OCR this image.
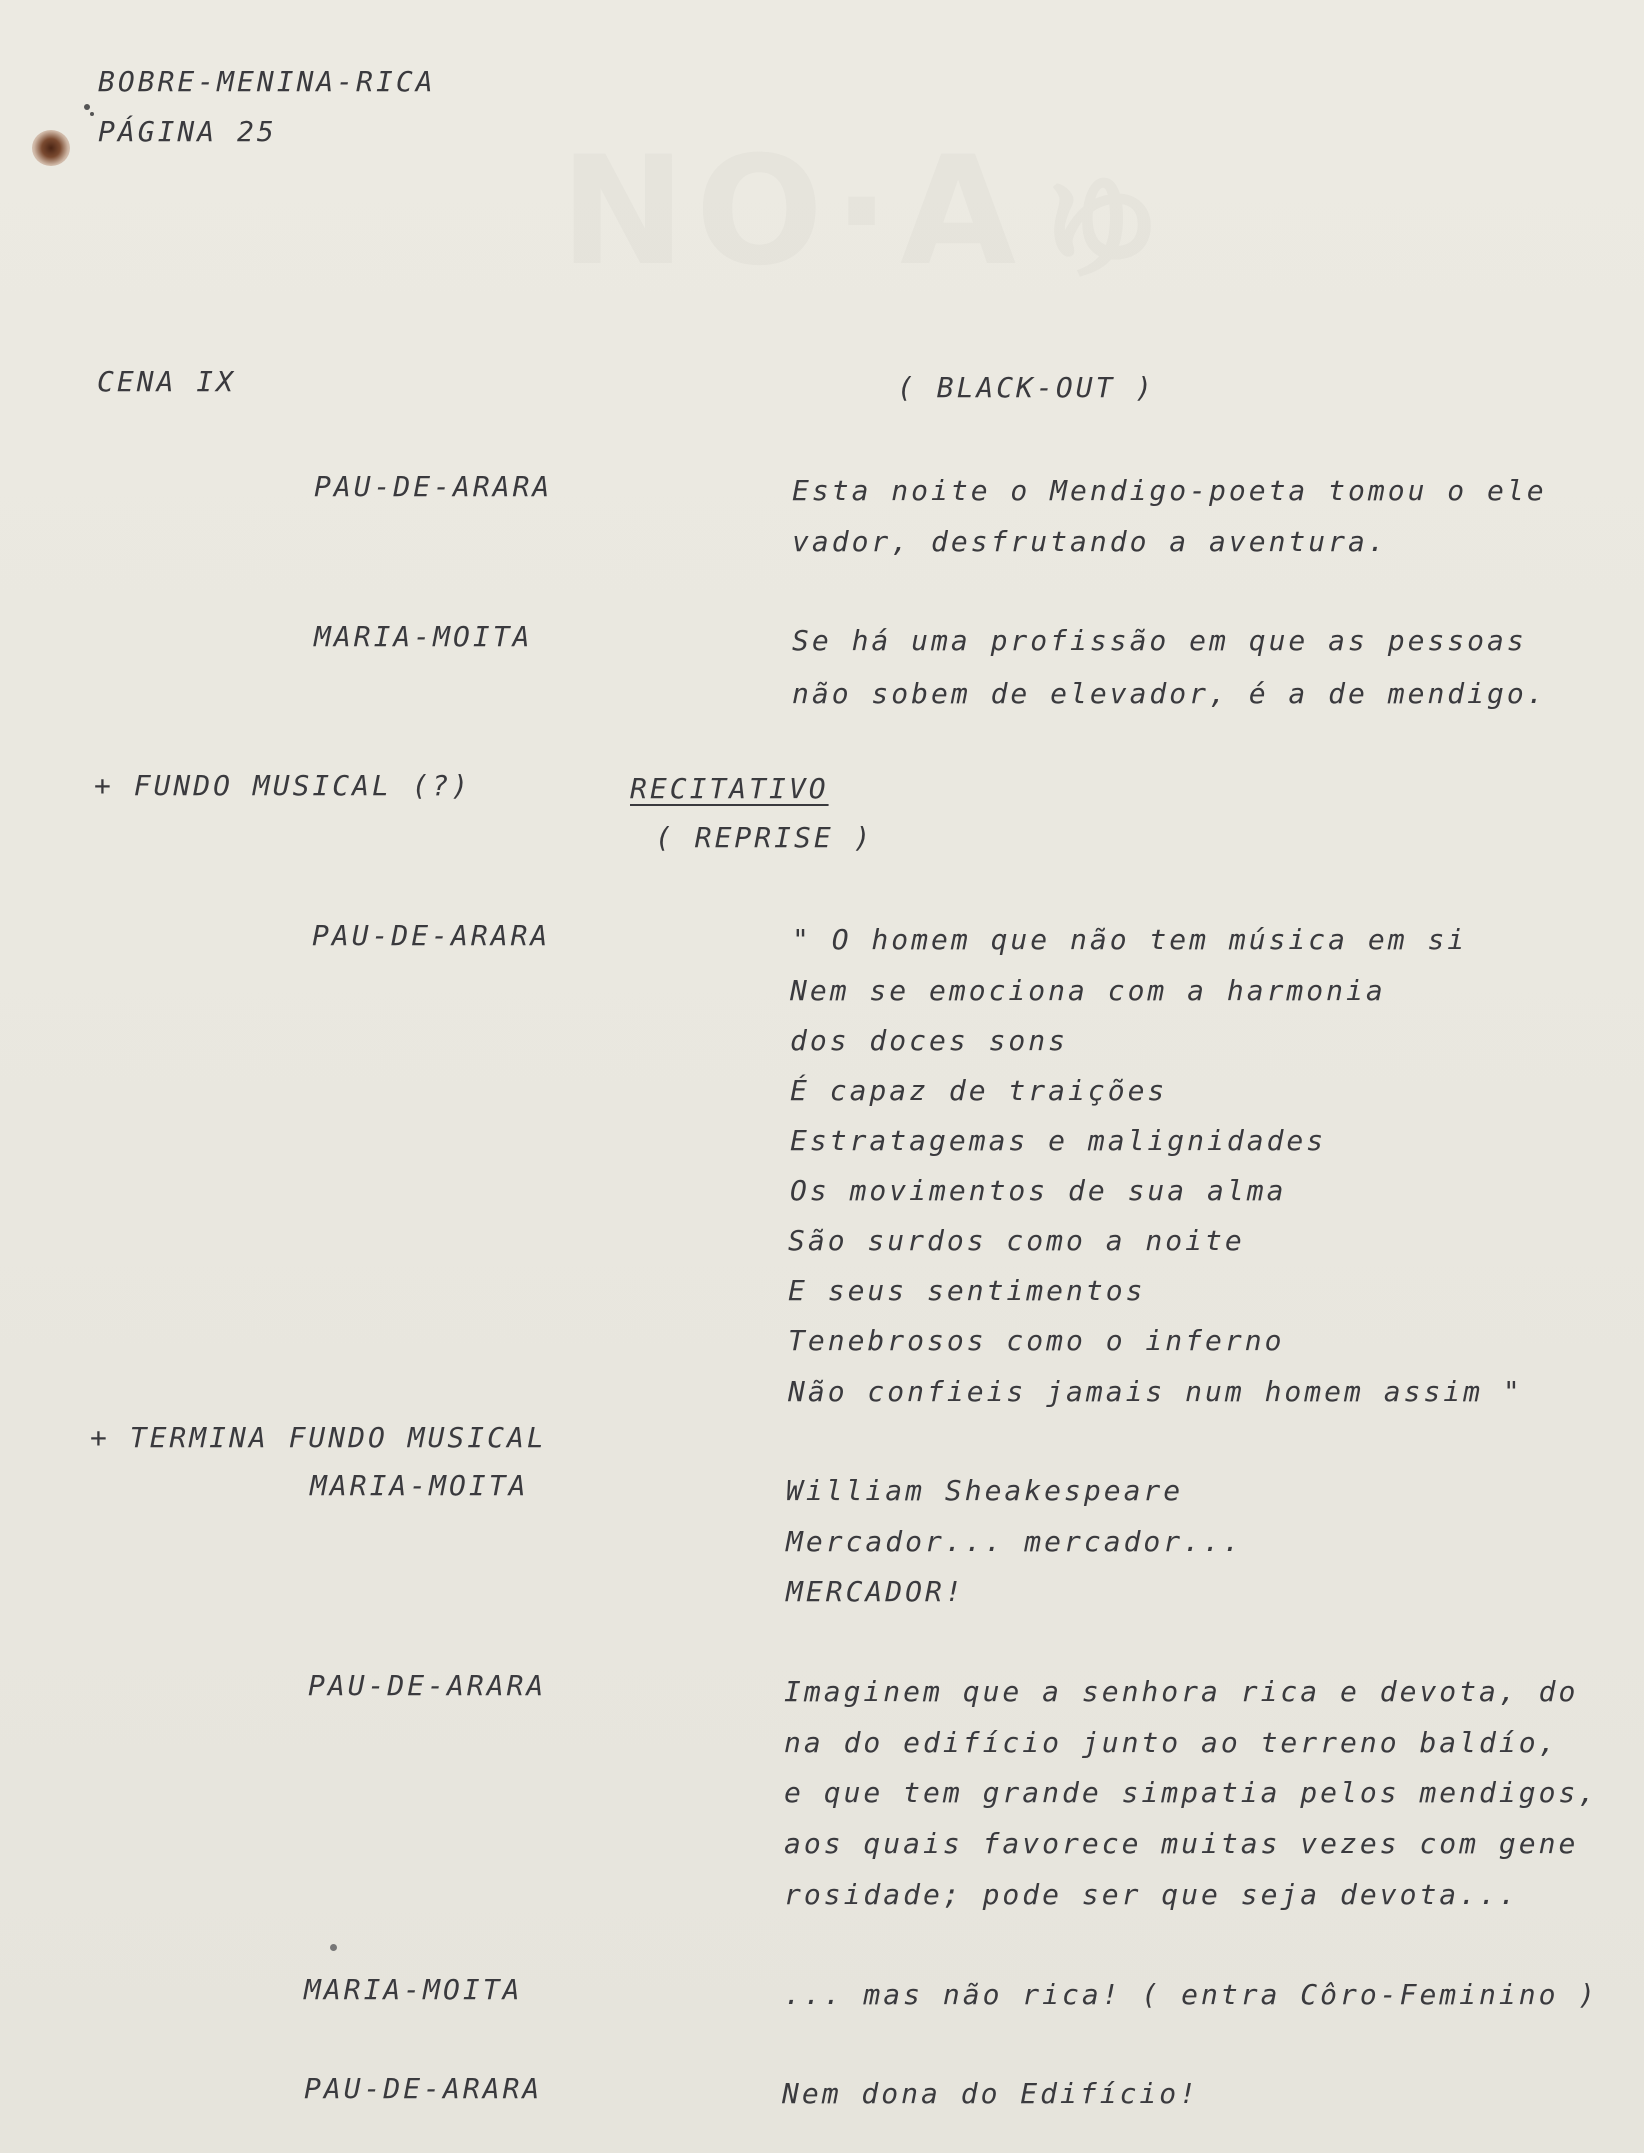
NO·Aゅ
BOBRE-MENINA-RICA
PÁGINA 25
CENA IX	( BLACK-OUT )
PAU-DE-ARARA	Esta noite o Mendigo-poeta tomou o ele
vador, desfrutando a aventura.
MARIA-MOITA	Se há uma profissão em que as pessoas
não sobem de elevador, é a de mendigo.
+ FUNDO MUSICAL (?)	RECITATIVO
( REPRISE )
PAU-DE-ARARA	" O homem que não tem música em si
Nem se emociona com a harmonia
dos doces sons
É capaz de traições
Estratagemas e malignidades
Os movimentos de sua alma
São surdos como a noite
E seus sentimentos
Tenebrosos como o inferno
Não confieis jamais num homem assim "
+ TERMINA FUNDO MUSICAL
MARIA-MOITA	William Sheakespeare
Mercador... mercador...
MERCADOR!
PAU-DE-ARARA	Imaginem que a senhora rica e devota, do
na do edifício junto ao terreno baldío,
e que tem grande simpatia pelos mendigos,
aos quais favorece muitas vezes com gene
rosidade; pode ser que seja devota...
MARIA-MOITA	... mas não rica! ( entra Côro-Feminino )
PAU-DE-ARARA	Nem dona do Edifício!
